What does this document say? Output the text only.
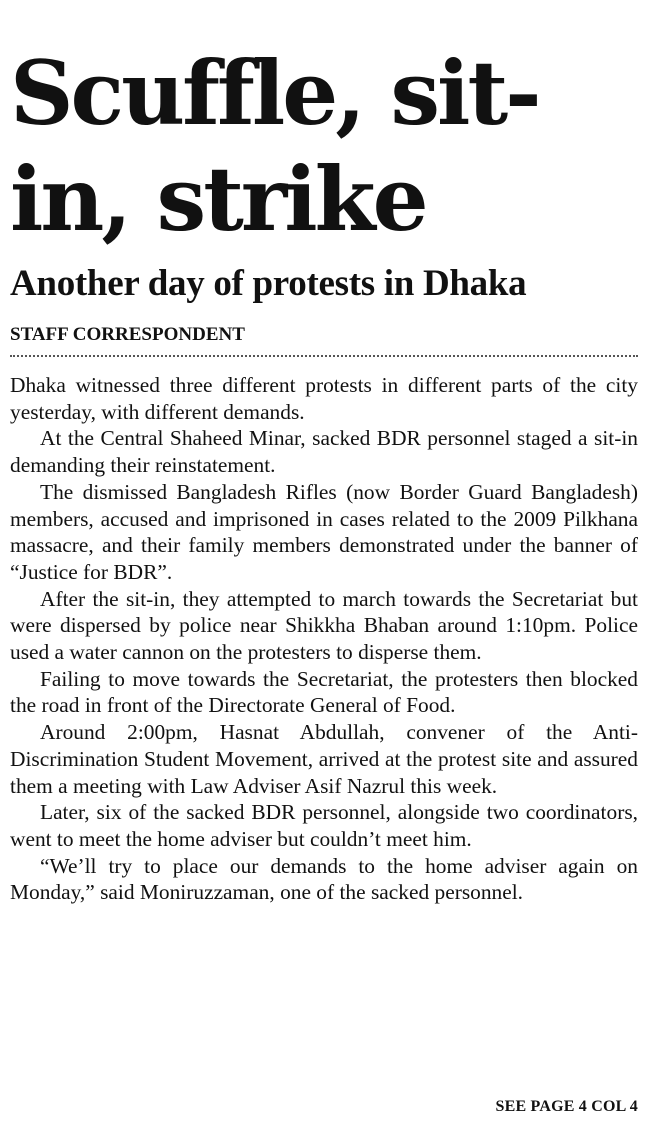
Scuffle, sit-in, strike
Another day of protests in Dhaka
STAFF CORRESPONDENT

Dhaka witnessed three different protests in different parts of the city yesterday, with different demands.

At the Central Shaheed Minar, sacked BDR personnel staged a sit-in demanding their reinstatement.

The dismissed Bangladesh Rifles (now Border Guard Bangladesh) members, accused and imprisoned in cases related to the 2009 Pilkhana massacre, and their family members demonstrated under the banner of “Justice for BDR”.

After the sit-in, they attempted to march towards the Secretariat but were dispersed by police near Shikkha Bhaban around 1:10pm. Police used a water cannon on the protesters to disperse them.

Failing to move towards the Secretariat, the protesters then blocked the road in front of the Directorate General of Food.

Around 2:00pm, Hasnat Abdullah, convener of the Anti-Discrimination Student Movement, arrived at the protest site and assured them a meeting with Law Adviser Asif Nazrul this week.

Later, six of the sacked BDR personnel, alongside two coordinators, went to meet the home adviser but couldn’t meet him.

“We’ll try to place our demands to the home adviser again on Monday,” said Moniruzzaman, one of the sacked personnel.

SEE PAGE 4 COL 4
